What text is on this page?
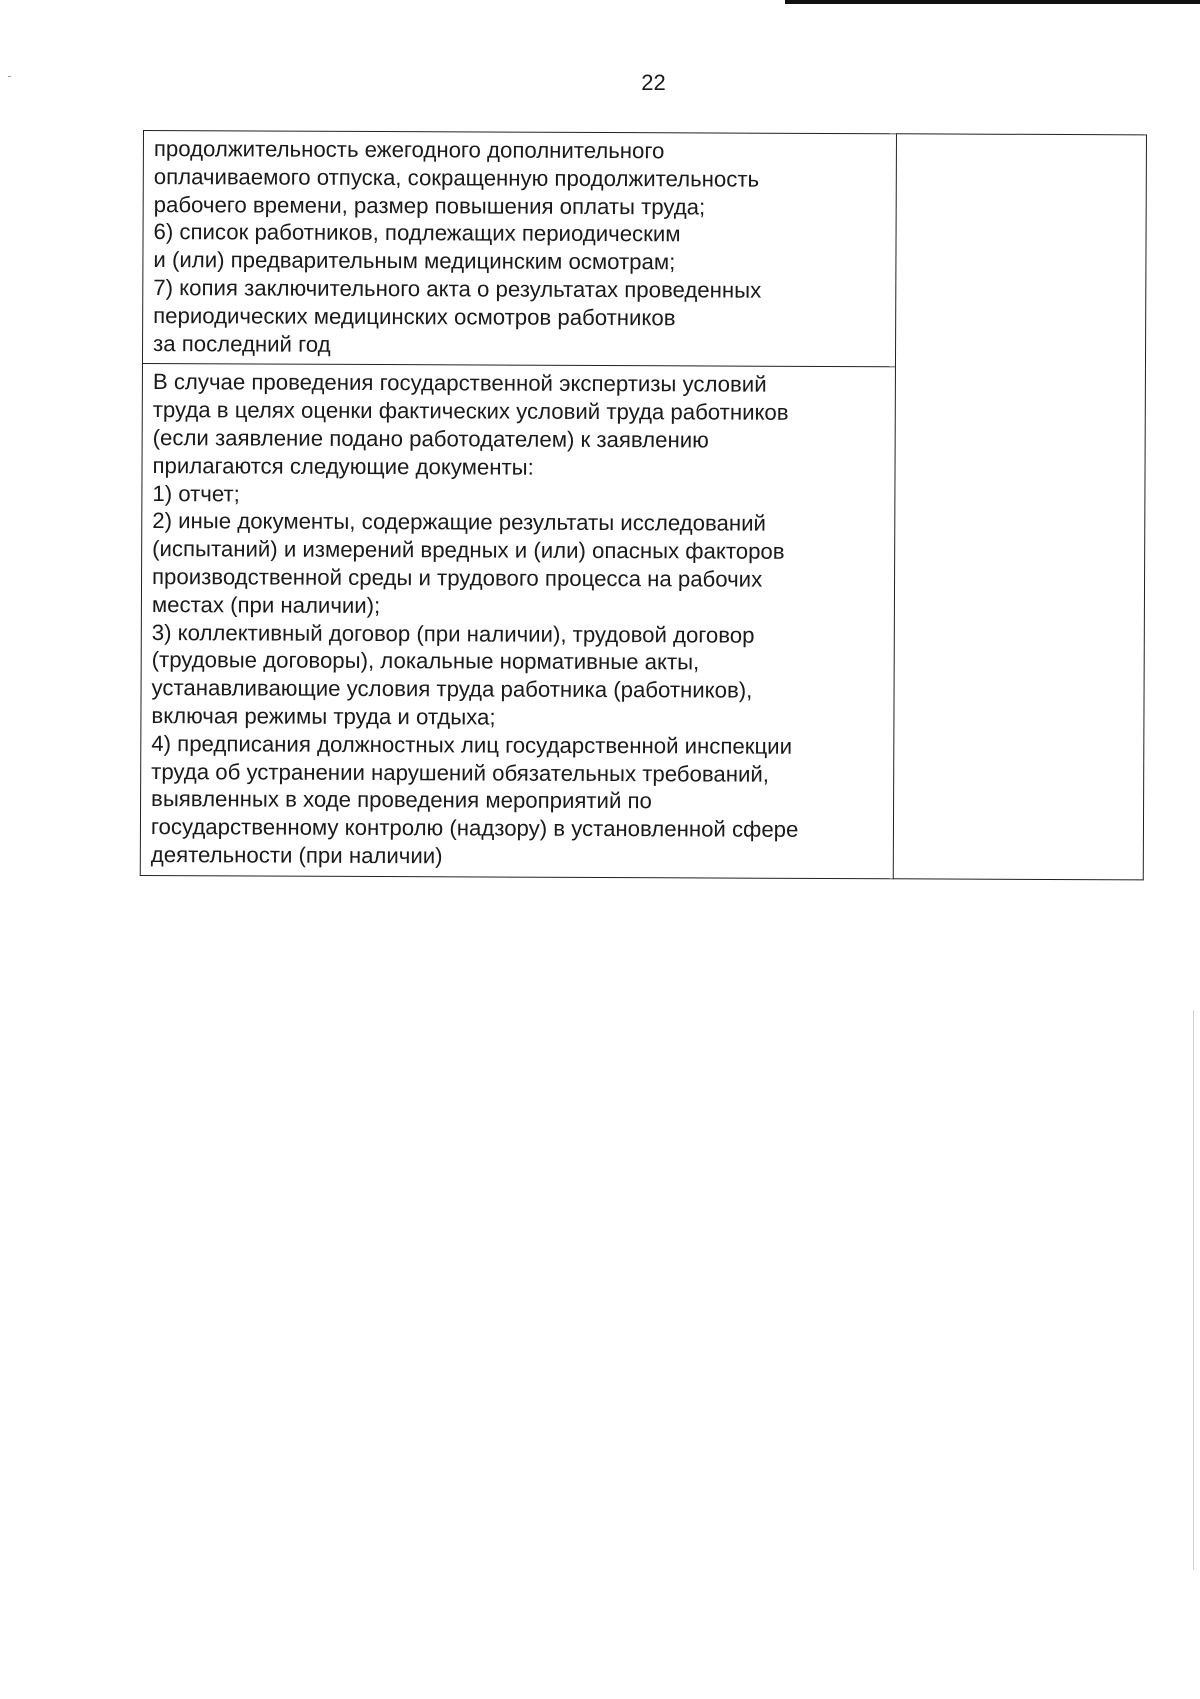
22
продолжительность ежегодного дополнительного
оплачиваемого отпуска, сокращенную продолжительность
рабочего времени, размер повышения оплаты труда;
6) список работников, подлежащих периодическим
и (или) предварительным медицинским осмотрам;
7) копия заключительного акта о результатах проведенных
периодических медицинских осмотров работников
за последний год

В случае проведения государственной экспертизы условий
труда в целях оценки фактических условий труда работников
(если заявление подано работодателем) к заявлению
прилагаются следующие документы:
1) отчет;
2) иные документы, содержащие результаты исследований
(испытаний) и измерений вредных и (или) опасных факторов
производственной среды и трудового процесса на рабочих
местах (при наличии);
3) коллективный договор (при наличии), трудовой договор
(трудовые договоры), локальные нормативные акты,
устанавливающие условия труда работника (работников),
включая режимы труда и отдыха;
4) предписания должностных лиц государственной инспекции
труда об устранении нарушений обязательных требований,
выявленных в ходе проведения мероприятий по
государственному контролю (надзору) в установленной сфере
деятельности (при наличии)
